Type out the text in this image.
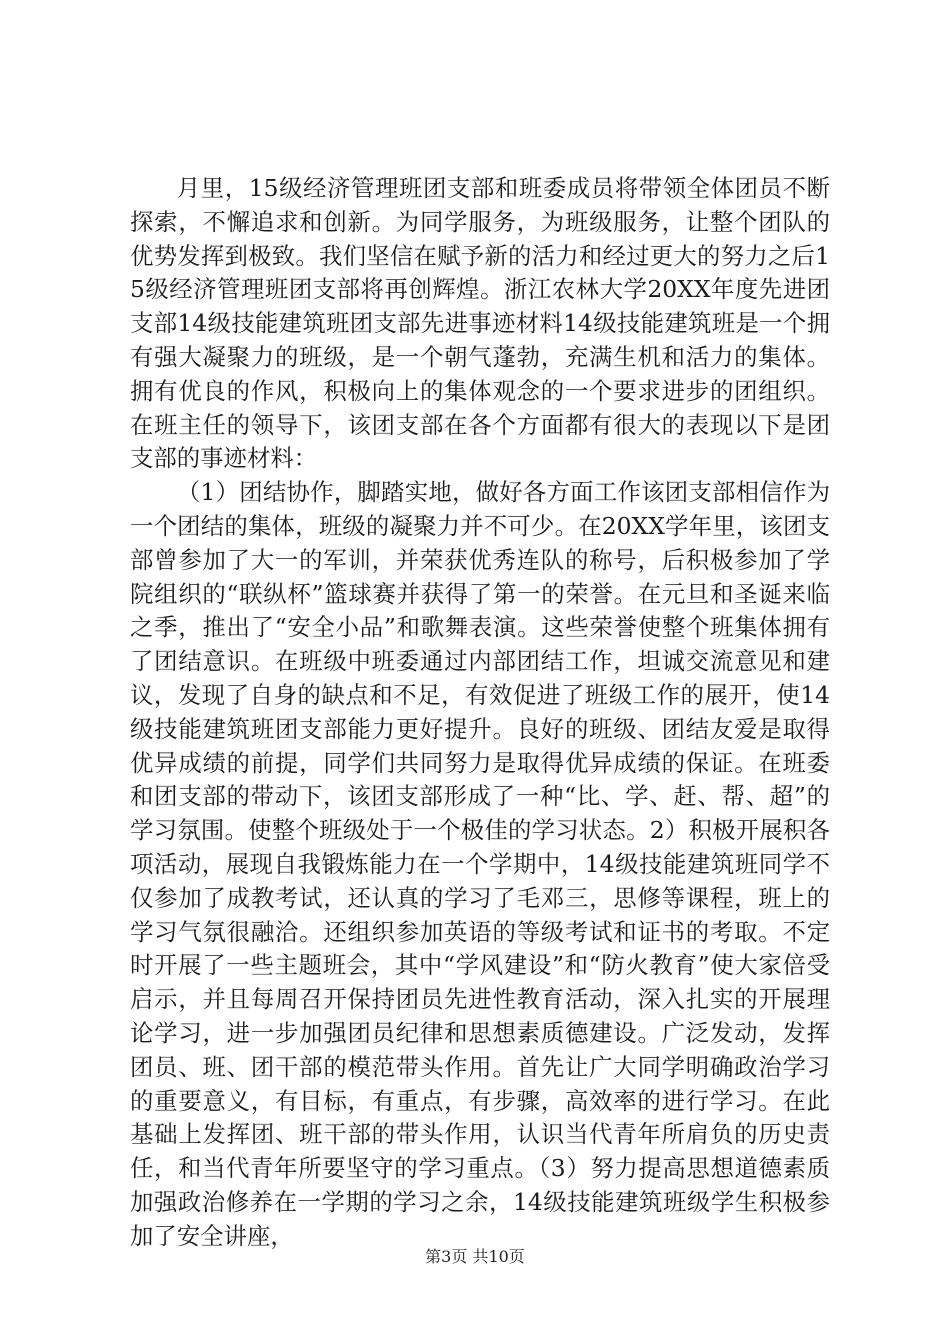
月里，15级经济管理班团支部和班委成员将带领全体团员不断探索，不懈追求和创新。为同学服务，为班级服务，让整个团队的优势发挥到极致。我们坚信在赋予新的活力和经过更大的努力之后15级经济管理班团支部将再创辉煌。浙江农林大学20XX年度先进团支部14级技能建筑班团支部先进事迹材料14级技能建筑班是一个拥有强大凝聚力的班级，是一个朝气蓬勃，充满生机和活力的集体。拥有优良的作风，积极向上的集体观念的一个要求进步的团组织。在班主任的领导下，该团支部在各个方面都有很大的表现以下是团支部的事迹材料：

（1）团结协作，脚踏实地，做好各方面工作该团支部相信作为一个团结的集体，班级的凝聚力并不可少。在20XX学年里，该团支部曾参加了大一的军训，并荣获优秀连队的称号，后积极参加了学院组织的“联纵杯”篮球赛并获得了第一的荣誉。在元旦和圣诞来临之季，推出了“安全小品”和歌舞表演。这些荣誉使整个班集体拥有了团结意识。在班级中班委通过内部团结工作，坦诚交流意见和建议，发现了自身的缺点和不足，有效促进了班级工作的展开，使14级技能建筑班团支部能力更好提升。良好的班级、团结友爱是取得优异成绩的前提，同学们共同努力是取得优异成绩的保证。在班委和团支部的带动下，该团支部形成了一种“比、学、赶、帮、超”的学习氛围。使整个班级处于一个极佳的学习状态。2）积极开展积各项活动，展现自我锻炼能力在一个学期中，14级技能建筑班同学不仅参加了成教考试，还认真的学习了毛邓三，思修等课程，班上的学习气氛很融洽。还组织参加英语的等级考试和证书的考取。不定时开展了一些主题班会，其中“学风建设”和“防火教育”使大家倍受启示，并且每周召开保持团员先进性教育活动，深入扎实的开展理论学习，进一步加强团员纪律和思想素质德建设。广泛发动，发挥团员、班、团干部的模范带头作用。首先让广大同学明确政治学习的重要意义，有目标，有重点，有步骤，高效率的进行学习。在此基础上发挥团、班干部的带头作用，认识当代青年所肩负的历史责任，和当代青年所要坚守的学习重点。（3）努力提高思想道德素质加强政治修养在一学期的学习之余，14级技能建筑班级学生积极参加了安全讲座，

第3页 共10页
